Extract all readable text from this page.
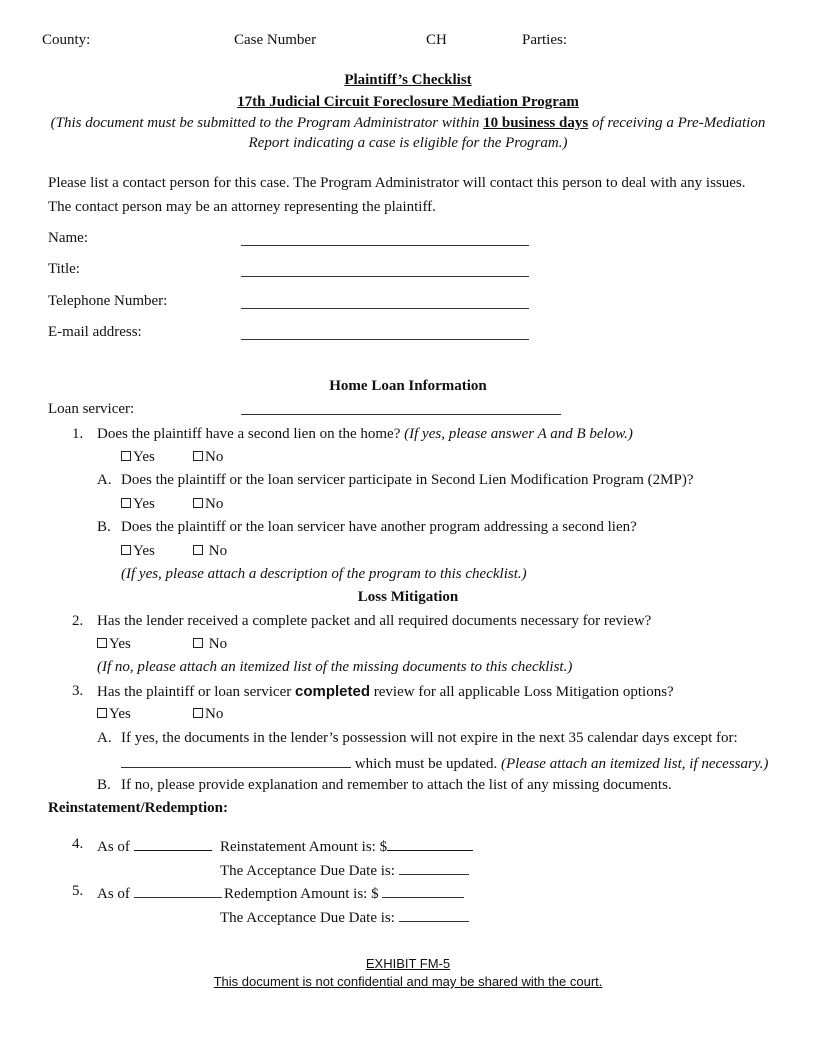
County:	Case Number	CH	Parties:
Plaintiff’s Checklist
17th Judicial Circuit Foreclosure Mediation Program
(This document must be submitted to the Program Administrator within 10 business days of receiving a Pre-Mediation
Report indicating a case is eligible for the Program.)
Please list a contact person for this case. The Program Administrator will contact this person to deal with any issues.
The contact person may be an attorney representing the plaintiff.
Name:
Title:
Telephone Number:
E-mail address:
Home Loan Information
Loan servicer:
1. Does the plaintiff have a second lien on the home? (If yes, please answer A and B below.)
Yes	No
A. Does the plaintiff or the loan servicer participate in Second Lien Modification Program (2MP)?
Yes	No
B. Does the plaintiff or the loan servicer have another program addressing a second lien?
Yes	No
(If yes, please attach a description of the program to this checklist.)
Loss Mitigation
2. Has the lender received a complete packet and all required documents necessary for review?
Yes	No
(If no, please attach an itemized list of the missing documents to this checklist.)
3. Has the plaintiff or loan servicer completed review for all applicable Loss Mitigation options?
Yes	No
A. If yes, the documents in the lender’s possession will not expire in the next 35 calendar days except for:
which must be updated. (Please attach an itemized list, if necessary.)
B. If no, please provide explanation and remember to attach the list of any missing documents.
Reinstatement/Redemption:
4. As of	Reinstatement Amount is: $
The Acceptance Due Date is:
5. As of	Redemption Amount is: $
The Acceptance Due Date is:
EXHIBIT FM-5
This document is not confidential and may be shared with the court.
